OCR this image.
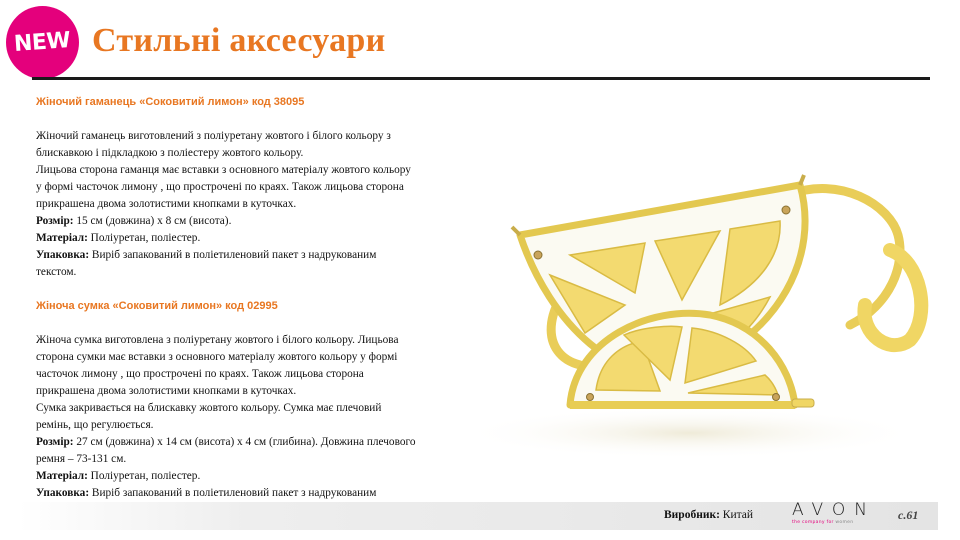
NEW Стильні аксесуари
Жіночий гаманець «Соковитий лимон» код 38095

Жіночий гаманець виготовлений з поліуретану жовтого і білого кольору з

блискавкою і підкладкою з поліестеру жовтого кольору.

Лицьова сторона гаманця має вставки з основного матеріалу жовтого кольору

у формі часточок лимону , що прострочені по краях. Також лицьова сторона

прикрашена двома золотистими кнопками в куточках.

Розмір: 15 см (довжина) х 8 см (висота).

Матеріал: Поліуретан, поліестер.

Упаковка: Виріб запакований в поліетиленовий пакет з надрукованим

текстом.

Жіноча сумка «Соковитий лимон» код 02995

Жіноча сумка виготовлена з поліуретану жовтого і білого кольору. Лицьова

сторона сумки має вставки з основного матеріалу жовтого кольору у формі

часточок лимону , що прострочені по краях. Також лицьова сторона

прикрашена двома золотистими кнопками в куточках.

Сумка закривається на блискавку жовтого кольору. Сумка має плечовий

ремінь, що регулюється.

Розмір: 27 см (довжина) х 14 см (висота) х 4 см (глибина). Довжина плечового

ремня – 73-131 см.

Матеріал: Поліуретан, поліестер.

Упаковка: Виріб запакований в поліетиленовий пакет з надрукованим

Виробник: Китай AVON
the company for women
с.61
